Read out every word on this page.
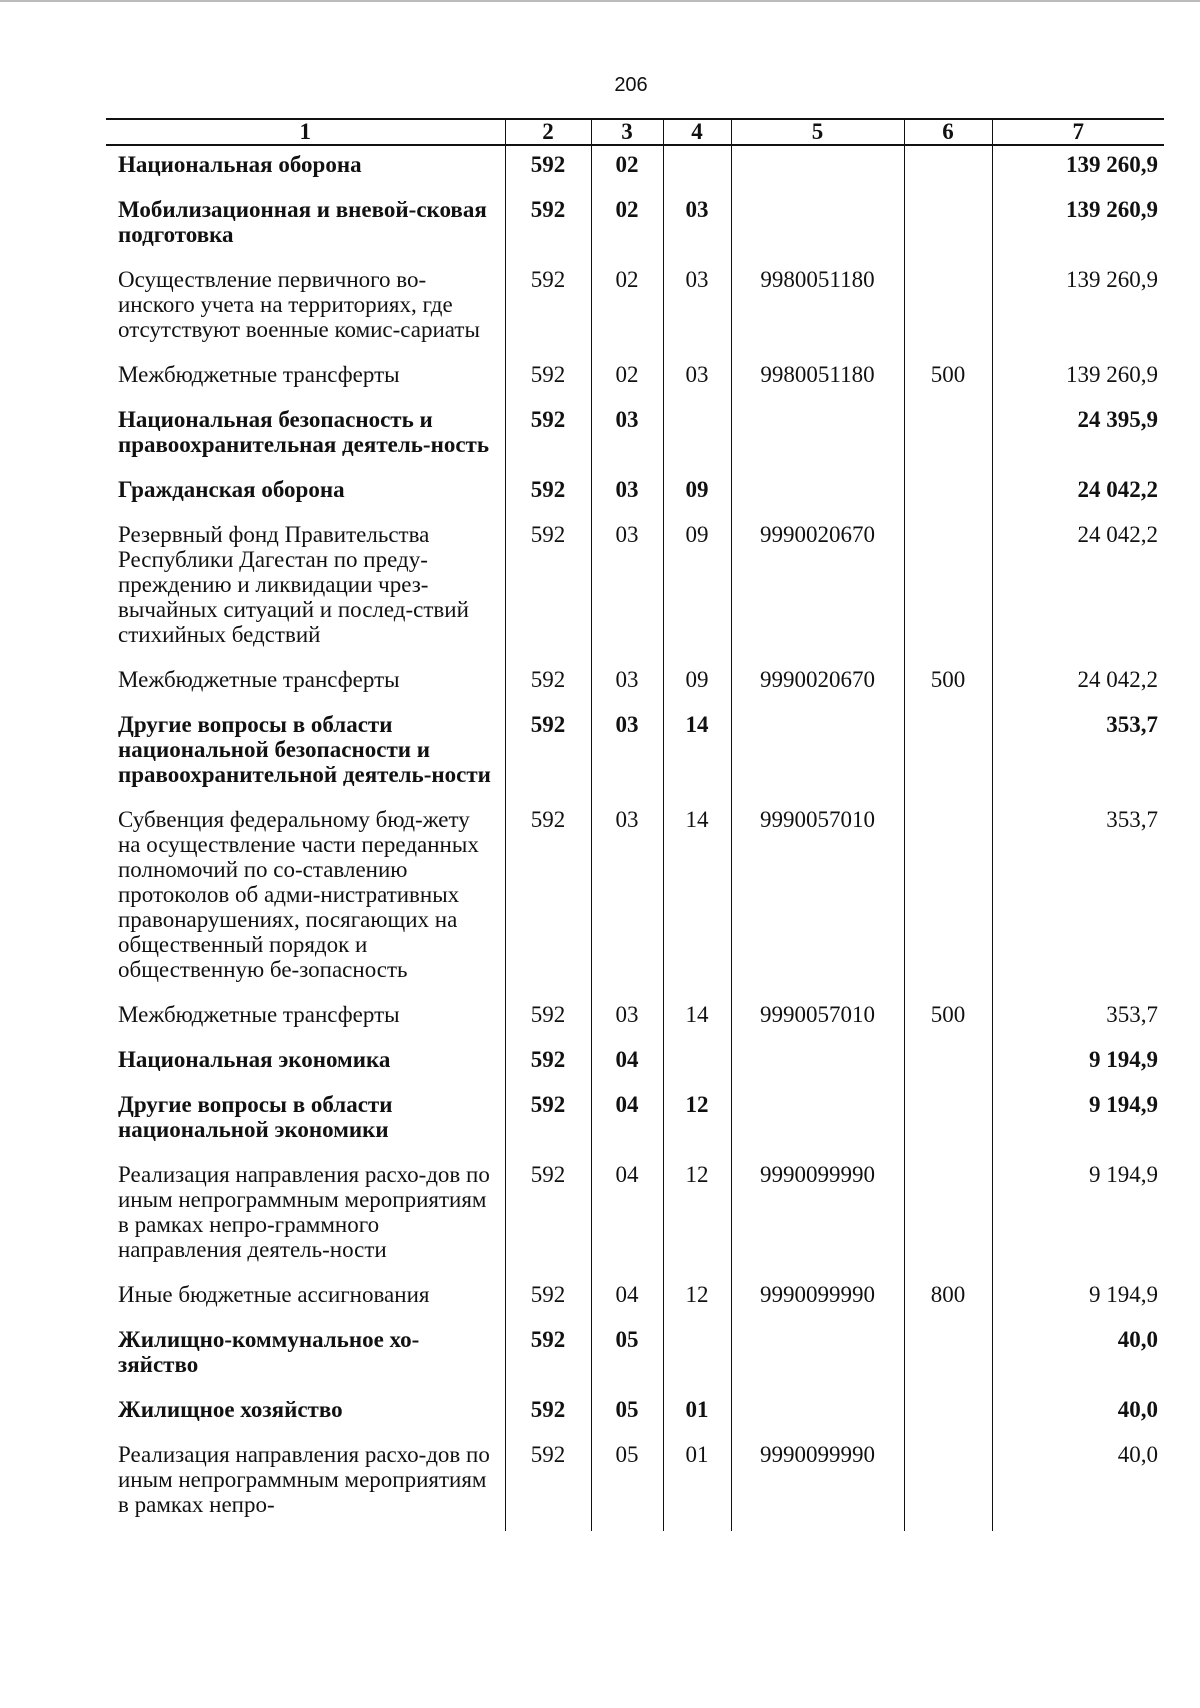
206
1	2	3	4	5	6	7
Национальная оборона	592	02				139 260,9
Мобилизационная и вневой-сковая подготовка	592	02	03			139 260,9
Осуществление первичного во-инского учета на территориях, где отсутствуют военные комис-сариаты	592	02	03	9980051180		139 260,9
Межбюджетные трансферты	592	02	03	9980051180	500	139 260,9
Национальная безопасность и правоохранительная деятель-ность	592	03				24 395,9
Гражданская оборона	592	03	09			24 042,2
Резервный фонд Правительства Республики Дагестан по преду-преждению и ликвидации чрез-вычайных ситуаций и послед-ствий стихийных бедствий	592	03	09	9990020670		24 042,2
Межбюджетные трансферты	592	03	09	9990020670	500	24 042,2
Другие вопросы в области национальной безопасности и правоохранительной деятель-ности	592	03	14			353,7
Субвенция федеральному бюд-жету на осуществление части переданных полномочий по со-ставлению протоколов об адми-нистративных правонарушениях, посягающих на общественный порядок и общественную бе-зопасность	592	03	14	9990057010		353,7
Межбюджетные трансферты	592	03	14	9990057010	500	353,7
Национальная экономика	592	04				9 194,9
Другие вопросы в области национальной экономики	592	04	12			9 194,9
Реализация направления расхо-дов по иным непрограммным мероприятиям в рамках непро-граммного направления деятель-ности	592	04	12	9990099990		9 194,9
Иные бюджетные ассигнования	592	04	12	9990099990	800	9 194,9
Жилищно-коммунальное хо-зяйство	592	05				40,0
Жилищное хозяйство	592	05	01			40,0
Реализация направления расхо-дов по иным непрограммным мероприятиям в рамках непро-	592	05	01	9990099990		40,0
